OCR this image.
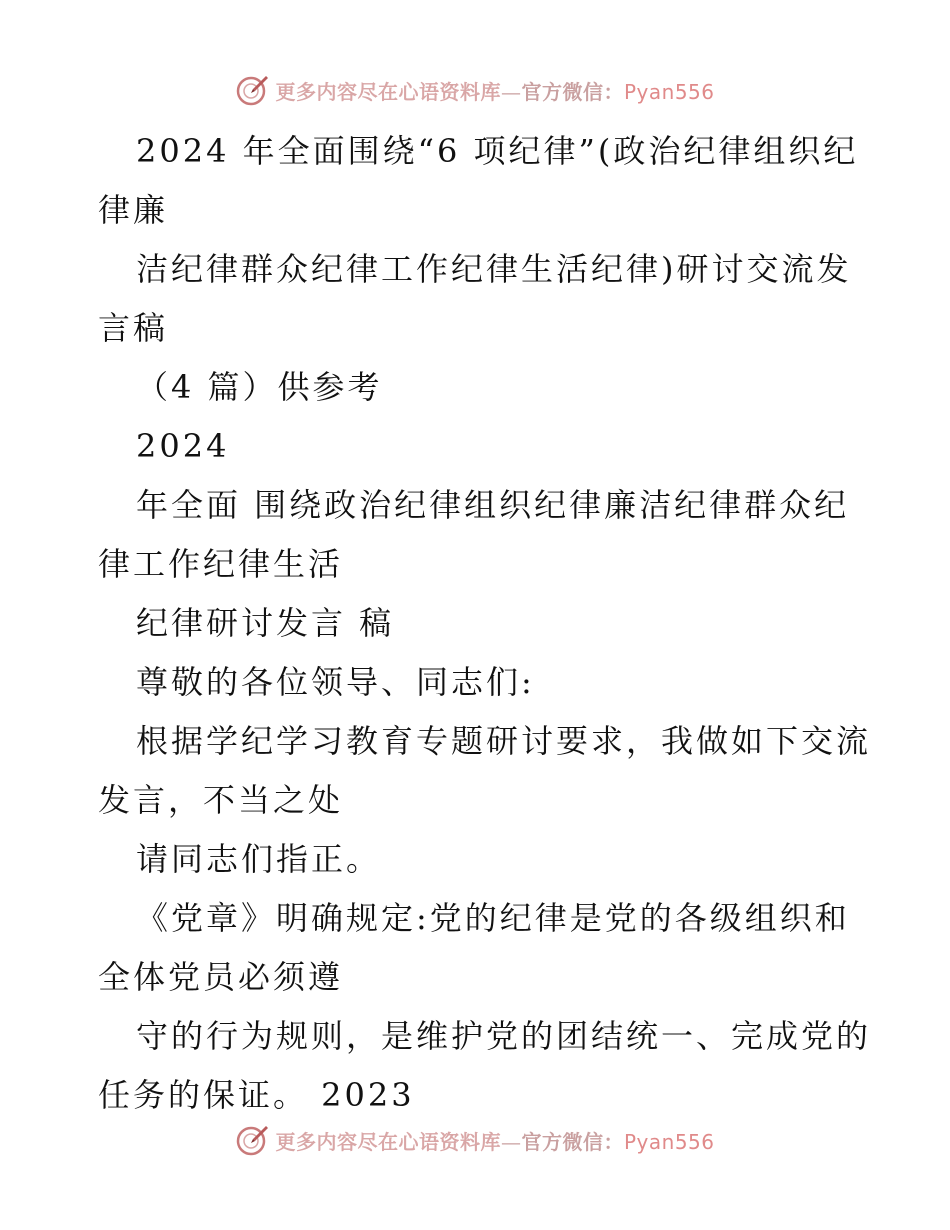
更多内容尽在心语资料库—官方微信：Pyan556
2024 年全面围绕“6 项纪律”(政治纪律组织纪
律廉
洁纪律群众纪律工作纪律生活纪律)研讨交流发
言稿
（4 篇）供参考
2024
年全面 围绕政治纪律组织纪律廉洁纪律群众纪
律工作纪律生活
纪律研讨发言 稿
尊敬的各位领导、同志们:
根据学纪学习教育专题研讨要求，我做如下交流
发言，不当之处
请同志们指正。
《党章》明确规定:党的纪律是党的各级组织和
全体党员必须遵
守的行为规则，是维护党的团结统一、完成党的
任务的保证。 2023
更多内容尽在心语资料库—官方微信：Pyan556
